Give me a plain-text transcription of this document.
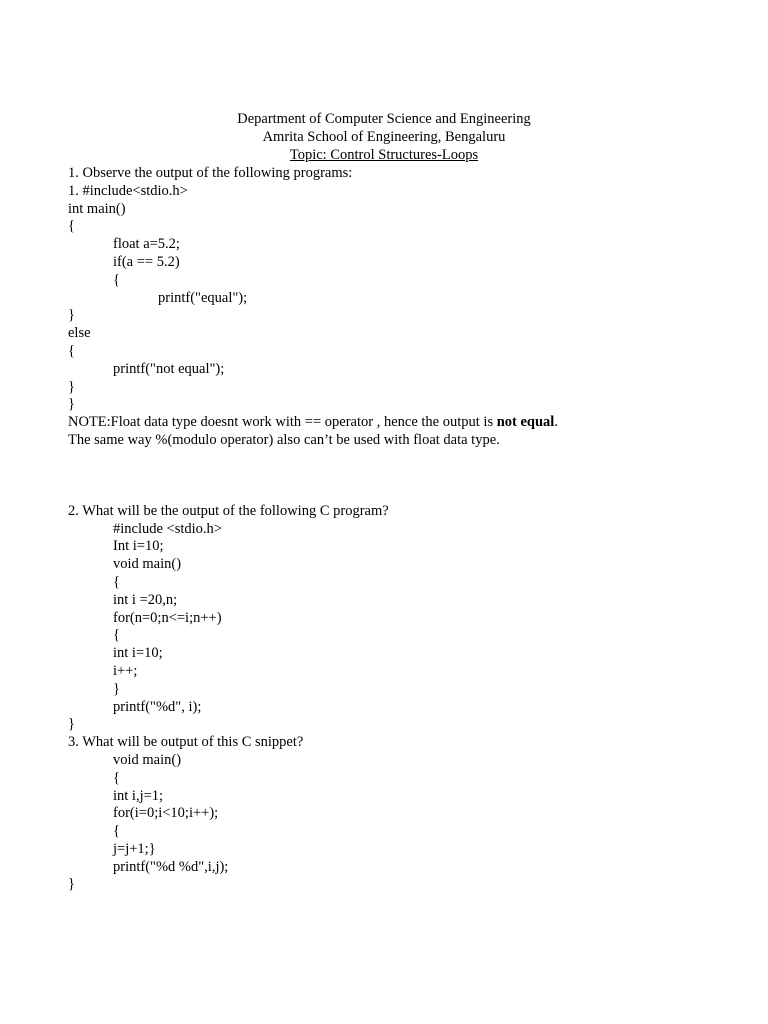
Department of Computer Science and Engineering
Amrita School of Engineering, Bengaluru
Topic: Control Structures-Loops
1. Observe the output of the following programs:
1. #include<stdio.h>
int main()
{
float a=5.2;
if(a == 5.2)
{
printf("equal");
}
else
{
printf("not equal");
}
}
NOTE:Float data type doesnt work with == operator , hence the output is not equal.
The same way %(modulo operator) also can’t be used with float data type.
2. What will be the output of the following C program?
#include <stdio.h>
Int i=10;
void main()
{
int i =20,n;
for(n=0;n<=i;n++)
{
int i=10;
i++;
}
printf("%d", i);
}
3. What will be output of this C snippet?
void main()
{
int i,j=1;
for(i=0;i<10;i++);
{
j=j+1;}
printf("%d %d",i,j);
}
